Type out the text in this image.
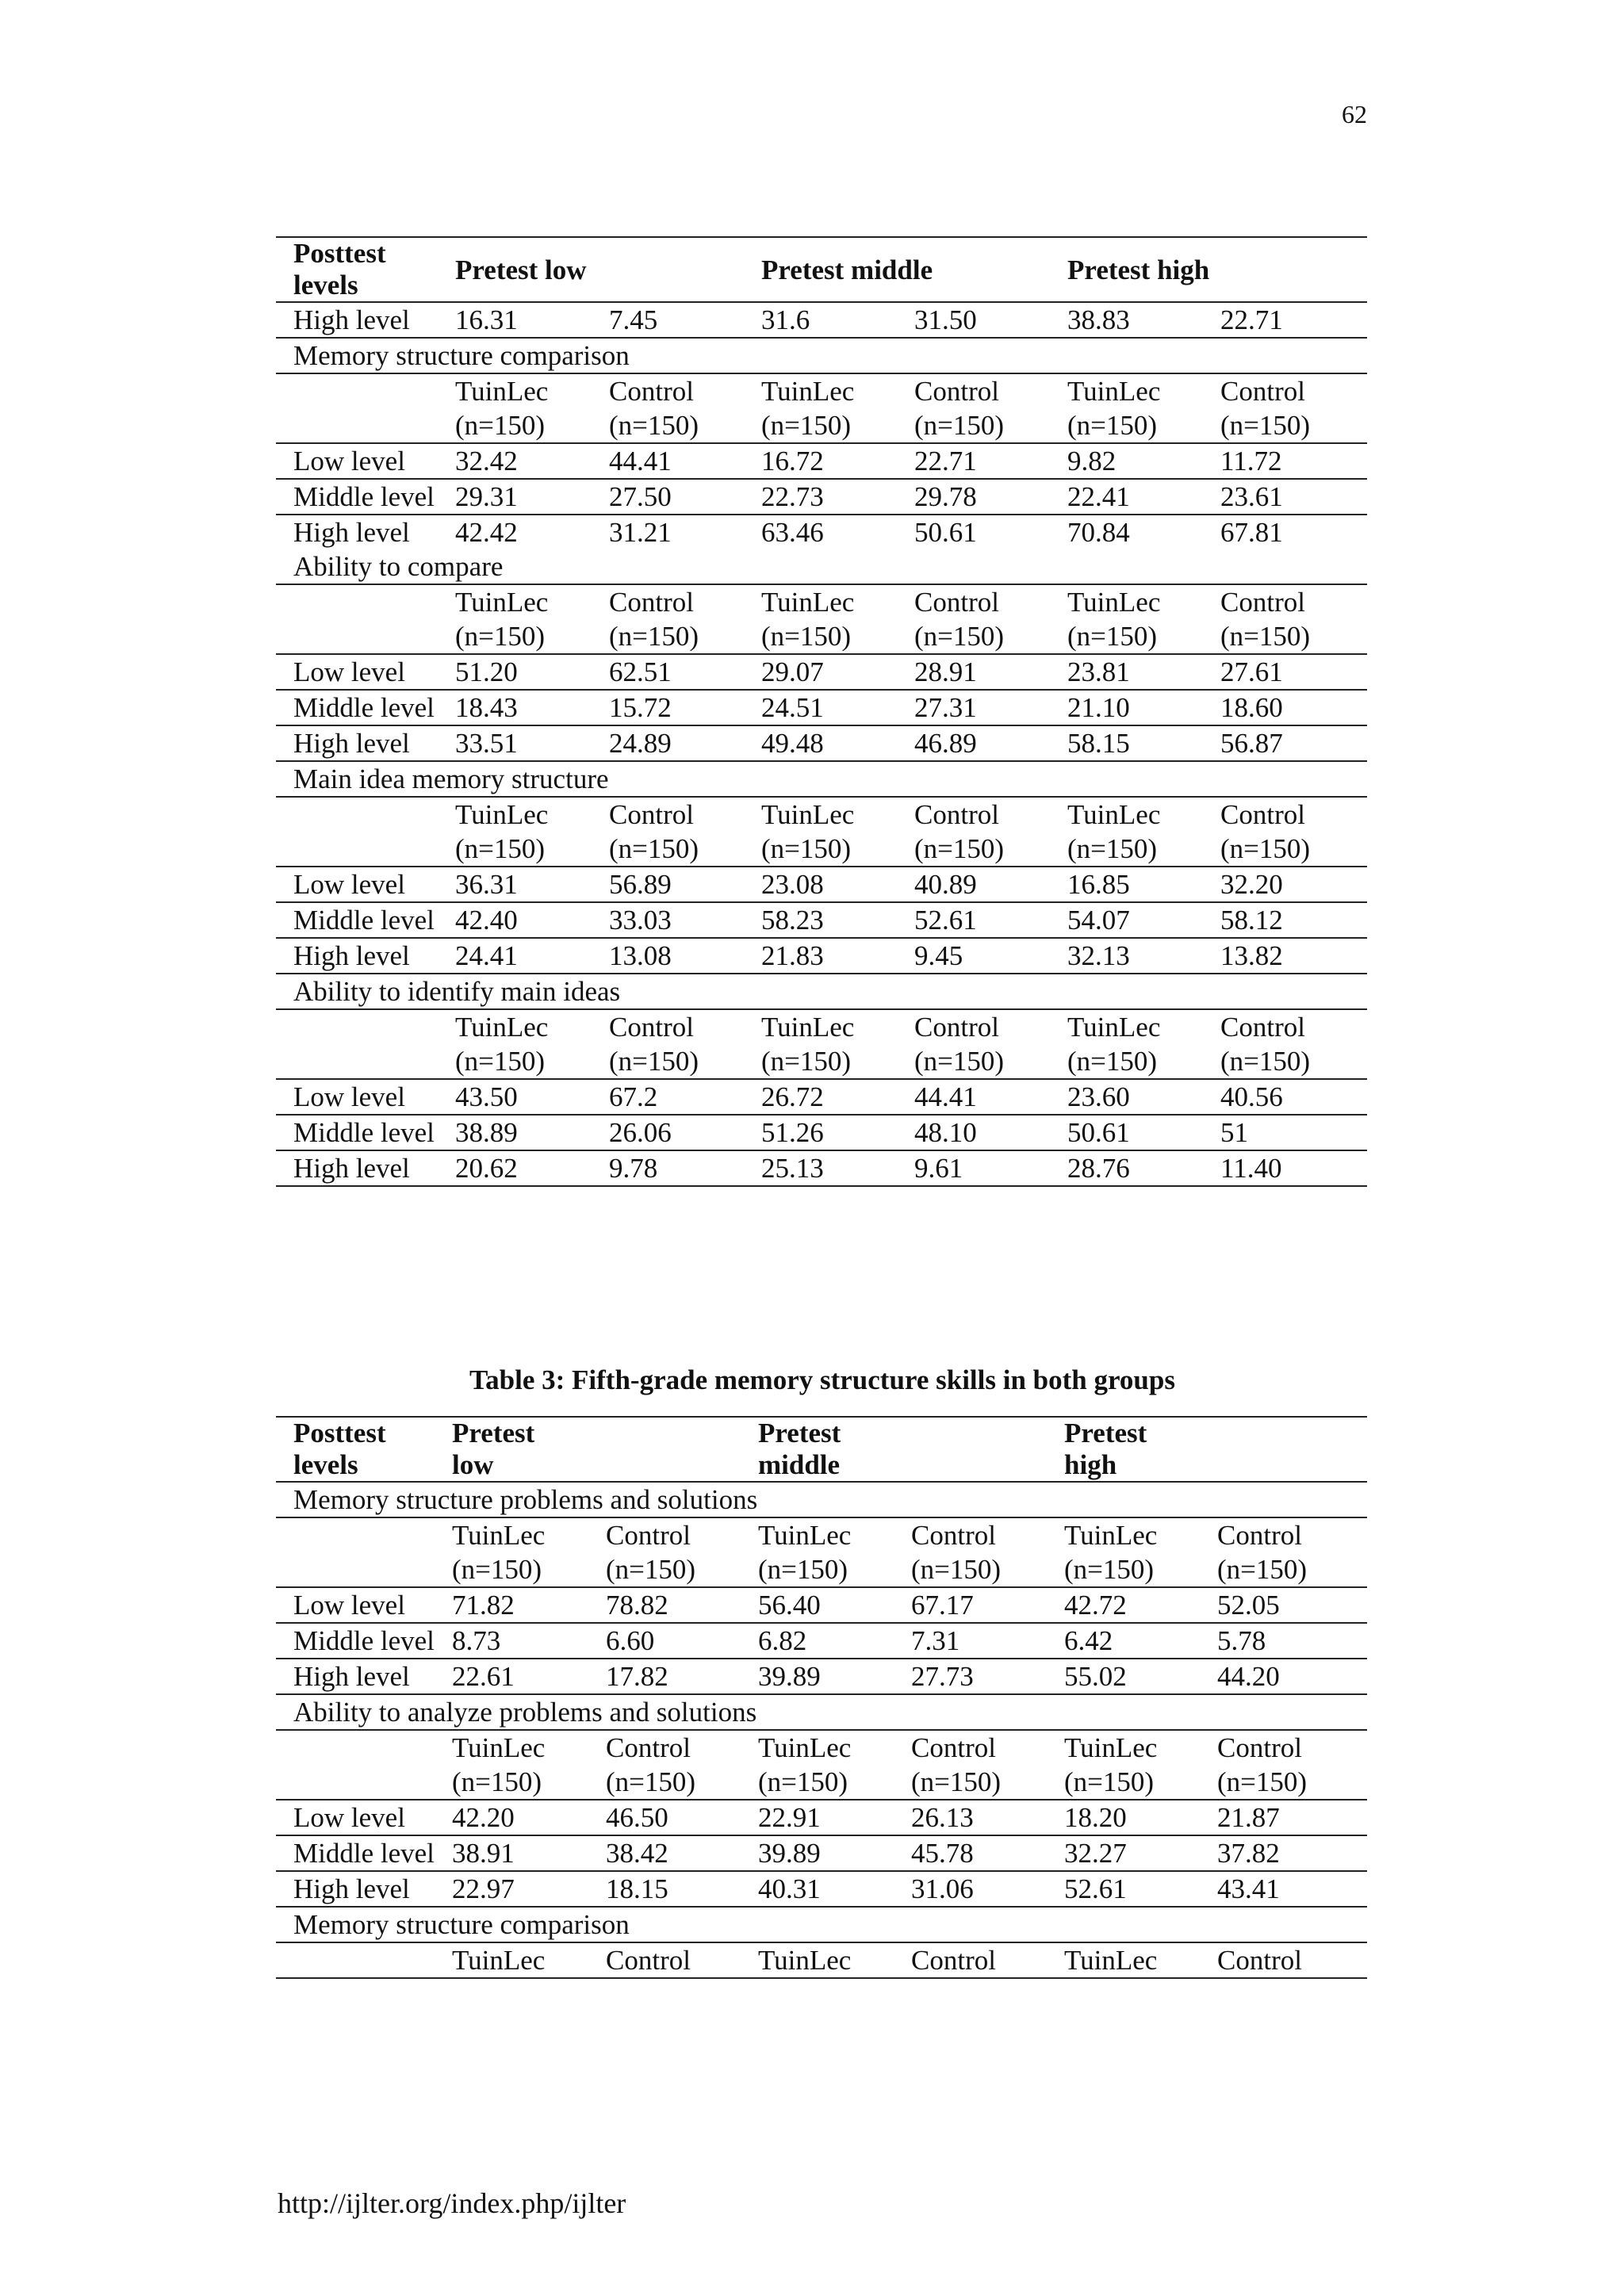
62
Posttest levels	Pretest low		Pretest middle		Pretest high	
High level	16.31	7.45	31.6	31.50	38.83	22.71
Memory structure comparison						
	TuinLec (n=150)	Control (n=150)	TuinLec (n=150)	Control (n=150)	TuinLec (n=150)	Control (n=150)
Low level	32.42	44.41	16.72	22.71	9.82	11.72
Middle level	29.31	27.50	22.73	29.78	22.41	23.61
High level	42.42	31.21	63.46	50.61	70.84	67.81
Ability to compare						
	TuinLec (n=150)	Control (n=150)	TuinLec (n=150)	Control (n=150)	TuinLec (n=150)	Control (n=150)
Low level	51.20	62.51	29.07	28.91	23.81	27.61
Middle level	18.43	15.72	24.51	27.31	21.10	18.60
High level	33.51	24.89	49.48	46.89	58.15	56.87
Main idea memory structure						
	TuinLec (n=150)	Control (n=150)	TuinLec (n=150)	Control (n=150)	TuinLec (n=150)	Control (n=150)
Low level	36.31	56.89	23.08	40.89	16.85	32.20
Middle level	42.40	33.03	58.23	52.61	54.07	58.12
High level	24.41	13.08	21.83	9.45	32.13	13.82
Ability to identify main ideas						
	TuinLec (n=150)	Control (n=150)	TuinLec (n=150)	Control (n=150)	TuinLec (n=150)	Control (n=150)
Low level	43.50	67.2	26.72	44.41	23.60	40.56
Middle level	38.89	26.06	51.26	48.10	50.61	51
High level	20.62	9.78	25.13	9.61	28.76	11.40
Table 3: Fifth-grade memory structure skills in both groups
Posttest levels	Pretest low		Pretest middle		Pretest high	
Memory structure problems and solutions						
	TuinLec (n=150)	Control (n=150)	TuinLec (n=150)	Control (n=150)	TuinLec (n=150)	Control (n=150)
Low level	71.82	78.82	56.40	67.17	42.72	52.05
Middle level	8.73	6.60	6.82	7.31	6.42	5.78
High level	22.61	17.82	39.89	27.73	55.02	44.20
Ability to analyze problems and solutions						
	TuinLec (n=150)	Control (n=150)	TuinLec (n=150)	Control (n=150)	TuinLec (n=150)	Control (n=150)
Low level	42.20	46.50	22.91	26.13	18.20	21.87
Middle level	38.91	38.42	39.89	45.78	32.27	37.82
High level	22.97	18.15	40.31	31.06	52.61	43.41
Memory structure comparison						
	TuinLec	Control	TuinLec	Control	TuinLec	Control
http://ijlter.org/index.php/ijlter
